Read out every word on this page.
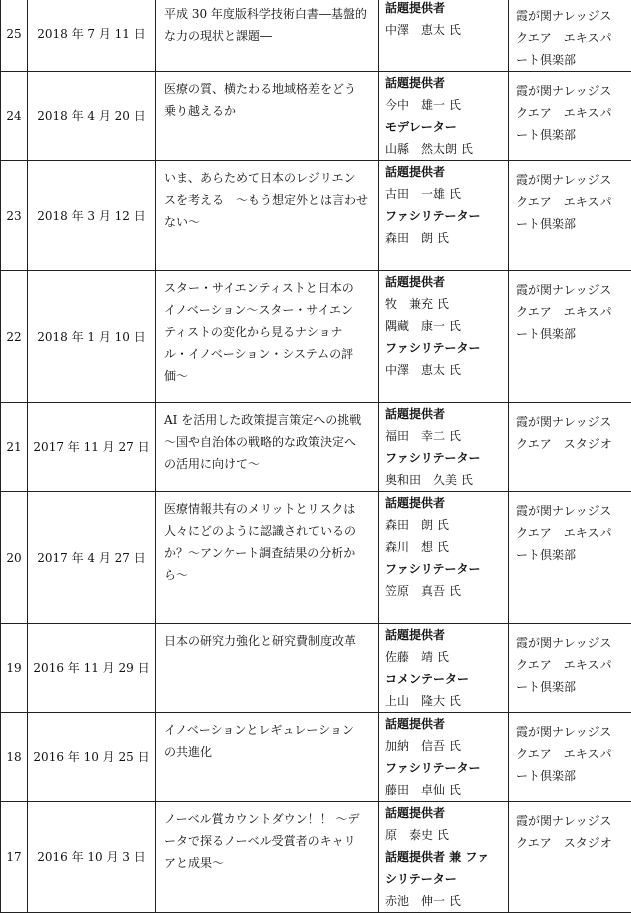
25	2018 年 7 月 11 日	平成 30 年度版科学技術白書―基盤的
な力の現状と課題―	話題提供者
中澤　恵太 氏	霞が関ナレッジス
クエア　エキスパ
ート倶楽部

24	2018 年 4 月 20 日	医療の質、横たわる地域格差をどう
乗り越えるか	話題提供者
今中　雄一 氏
モデレーター
山縣　然太朗 氏	霞が関ナレッジス
クエア　エキスパ
ート倶楽部

23	2018 年 3 月 12 日	いま、あらためて日本のレジリエン
スを考える　～もう想定外とは言わせ
ない～	話題提供者
古田　一雄 氏
ファシリテーター
森田　朗 氏	霞が関ナレッジス
クエア　エキスパ
ート倶楽部

22	2018 年 1 月 10 日	スター・サイエンティストと日本の
イノベーション～スター・サイエン
ティストの変化から見るナショナ
ル・イノベーション・システムの評
価～	話題提供者
牧　兼充 氏
隅藏　康一 氏
ファシリテーター
中澤　恵太 氏	霞が関ナレッジス
クエア　エキスパ
ート倶楽部

21	2017 年 11 月 27 日	AI を活用した政策提言策定への挑戦
～国や自治体の戦略的な政策決定へ
の活用に向けて～	話題提供者
福田　幸二 氏
ファシリテーター
奥和田　久美 氏	霞が関ナレッジス
クエア　スタジオ

20	2017 年 4 月 27 日	医療情報共有のメリットとリスクは
人々にどのように認識されているの
か？～アンケート調査結果の分析か
ら～	話題提供者
森田　朗 氏
森川　想 氏
ファシリテーター
笠原　真吾 氏	霞が関ナレッジス
クエア　エキスパ
ート倶楽部

19	2016 年 11 月 29 日	日本の研究力強化と研究費制度改革	話題提供者
佐藤　靖 氏
コメンテーター
上山　隆大 氏	霞が関ナレッジス
クエア　エキスパ
ート倶楽部

18	2016 年 10 月 25 日	イノベーションとレギュレーション
の共進化	話題提供者
加納　信吾 氏
ファシリテーター
藤田　卓仙 氏	霞が関ナレッジス
クエア　エキスパ
ート倶楽部

17	2016 年 10 月 3 日	ノーベル賞カウントダウン！！ ～デ
ータで探るノーベル受賞者のキャリ
アと成果～	話題提供者
原　泰史 氏
話題提供者 兼 ファ
シリテーター
赤池　伸一 氏	霞が関ナレッジス
クエア　スタジオ
